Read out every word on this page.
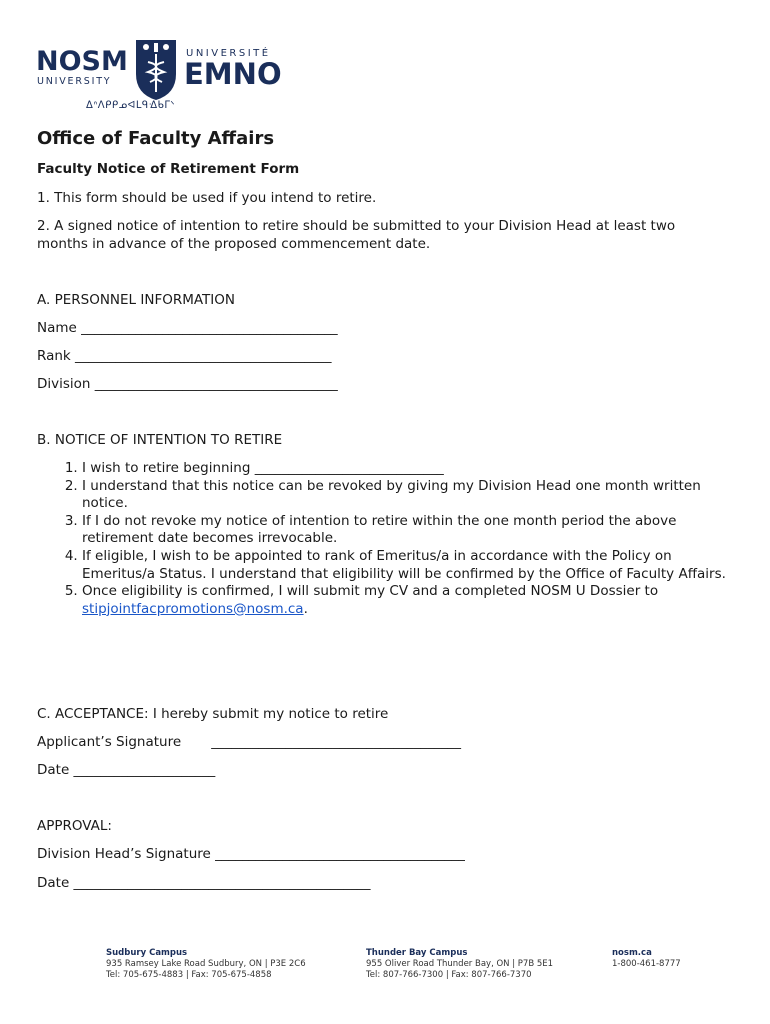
NOSM
UNIVERSITY
UNIVERSITÉ
EMNO
ᐃᐢᐱᑭᑭᓄᐊᒪᑫᐎᑲᒥᐠ
Office of Faculty Affairs
Faculty Notice of Retirement Form

1. This form should be used if you intend to retire.

2. A signed notice of intention to retire should be submitted to your Division Head at least two months in advance of the proposed commencement date.

A. PERSONNEL INFORMATION

Name ______________________________________

Rank ______________________________________

Division ____________________________________

B. NOTICE OF INTENTION TO RETIRE

1. I wish to retire beginning ____________________________
2. I understand that this notice can be revoked by giving my Division Head one month written notice.
3. If I do not revoke my notice of intention to retire within the one month period the above retirement date becomes irrevocable.
4. If eligible, I wish to be appointed to rank of Emeritus/a in accordance with the Policy on Emeritus/a Status. I understand that eligibility will be confirmed by the Office of Faculty Affairs.
5. Once eligibility is confirmed, I will submit my CV and a completed NOSM U Dossier to
stipjointfacpromotions@nosm.ca.

C. ACCEPTANCE: I hereby submit my notice to retire

Applicant’s Signature       _____________________________________

Date _____________________

APPROVAL:

Division Head’s Signature _____________________________________

Date ____________________________________________

Sudbury Campus
935 Ramsey Lake Road Sudbury, ON | P3E 2C6
Tel: 705-675-4883 | Fax: 705-675-4858
Thunder Bay Campus
955 Oliver Road Thunder Bay, ON | P7B 5E1
Tel: 807-766-7300 | Fax: 807-766-7370
nosm.ca
1-800-461-8777
